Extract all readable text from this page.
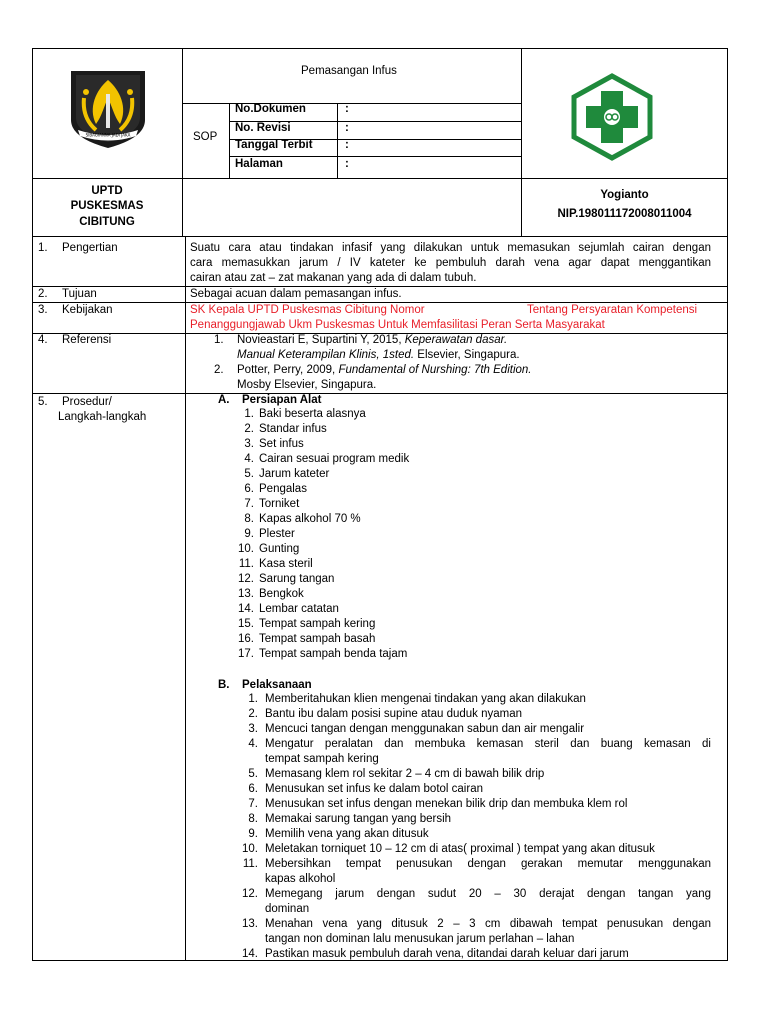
SIBAGIANNA JADI JAKA
Pemasangan Infus
SOP
No.Dokumen	:
No. Revisi	:
Tanggal Terbit	:
Halaman	:
UPTD
PUSKESMAS
CIBITUNG
Yogianto
NIP.198011172008011004
1. Pengertian	Suatu cara atau tindakan infasif yang dilakukan untuk memasukan sejumlah cairan dengan
cara memasukkan jarum / IV kateter ke pembuluh darah vena agar dapat menggantikan
cairan atau zat – zat makanan yang ada di dalam tubuh.
2. Tujuan	Sebagai acuan dalam pemasangan infus.
3. Kebijakan	SK Kepala UPTD Puskesmas Cibitung Nomor	Tentang Persyaratan Kompetensi
Penanggungjawab Ukm Puskesmas Untuk Memfasilitasi Peran Serta Masyarakat
4. Referensi	1. Novieastari E, Supartini Y, 2015, Keperawatan dasar.
Manual Keterampilan Klinis, 1sted. Elsevier, Singapura.
2. Potter, Perry, 2009, Fundamental of Nurshing: 7th Edition.
Mosby Elsevier, Singapura.
5. Prosedur/
Langkah-langkah
A. Persiapan Alat
1. Baki beserta alasnya
2. Standar infus
3. Set infus
4. Cairan sesuai program medik
5. Jarum kateter
6. Pengalas
7. Torniket
8. Kapas alkohol 70 %
9. Plester
10. Gunting
11. Kasa steril
12. Sarung tangan
13. Bengkok
14. Lembar catatan
15. Tempat sampah kering
16. Tempat sampah basah
17. Tempat sampah benda tajam
B. Pelaksanaan
1. Memberitahukan klien mengenai tindakan yang akan dilakukan
2. Bantu ibu dalam posisi supine atau duduk nyaman
3. Mencuci tangan dengan menggunakan sabun dan air mengalir
4. Mengatur peralatan dan membuka kemasan steril dan buang kemasan di
tempat sampah kering
5. Memasang klem rol sekitar 2 – 4 cm di bawah bilik drip
6. Menusukan set infus ke dalam botol cairan
7. Menusukan set infus dengan menekan bilik drip dan membuka klem rol
8. Memakai sarung tangan yang bersih
9. Memilih vena yang akan ditusuk
10. Meletakan torniquet 10 – 12 cm di atas( proximal ) tempat yang akan ditusuk
11. Mebersihkan tempat penusukan dengan gerakan memutar menggunakan
kapas alkohol
12. Memegang jarum dengan sudut 20 – 30 derajat dengan tangan yang
dominan
13. Menahan vena yang ditusuk 2 – 3 cm dibawah tempat penusukan dengan
tangan non dominan lalu menusukan jarum perlahan – lahan
14. Pastikan masuk pembuluh darah vena, ditandai darah keluar dari jarum
